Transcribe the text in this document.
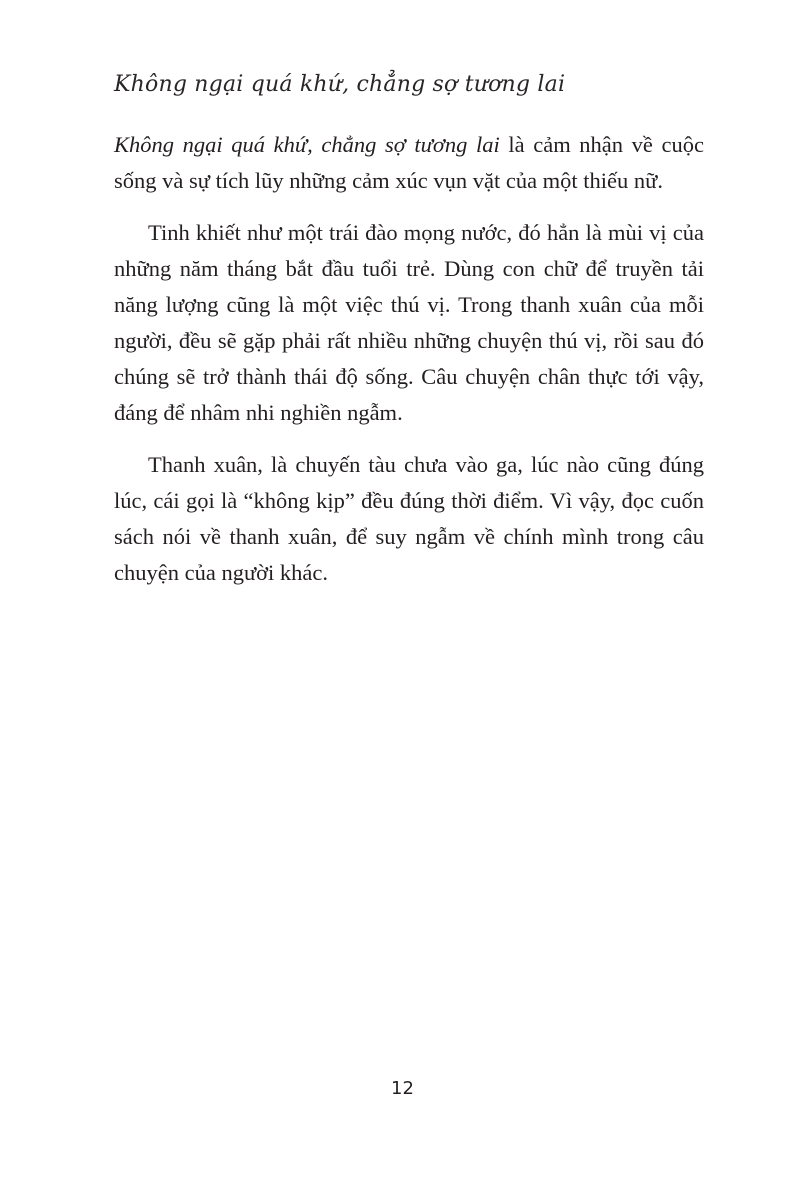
Không ngại quá khứ, chẳng sợ tương lai

Không ngại quá khứ, chẳng sợ tương lai là cảm nhận về cuộc sống và sự tích lũy những cảm xúc vụn vặt của một thiếu nữ.

Tinh khiết như một trái đào mọng nước, đó hẳn là mùi vị của những năm tháng bắt đầu tuổi trẻ. Dùng con chữ để truyền tải năng lượng cũng là một việc thú vị. Trong thanh xuân của mỗi người, đều sẽ gặp phải rất nhiều những chuyện thú vị, rồi sau đó chúng sẽ trở thành thái độ sống. Câu chuyện chân thực tới vậy, đáng để nhâm nhi nghiền ngẫm.

Thanh xuân, là chuyến tàu chưa vào ga, lúc nào cũng đúng lúc, cái gọi là “không kịp” đều đúng thời điểm. Vì vậy, đọc cuốn sách nói về thanh xuân, để suy ngẫm về chính mình trong câu chuyện của người khác.

12
